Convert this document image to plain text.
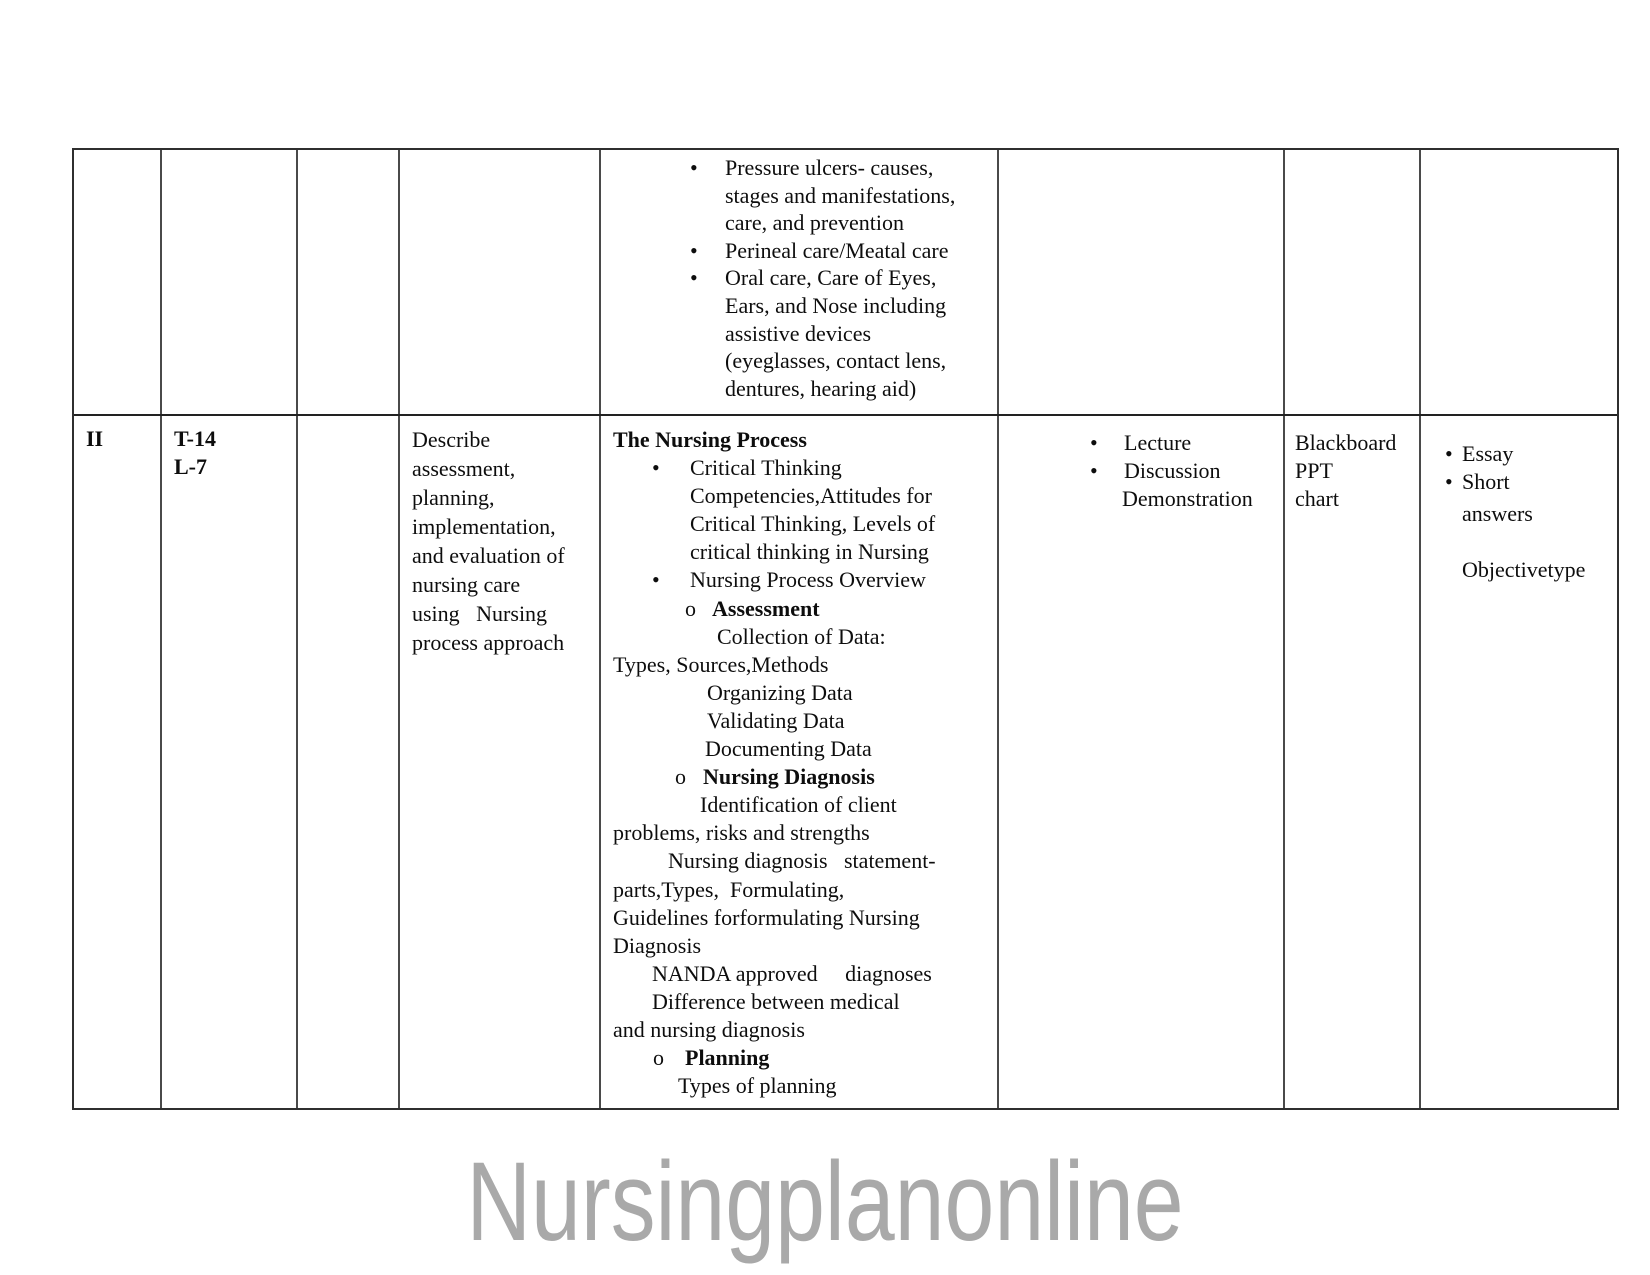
• Pressure ulcers- causes,
stages and manifestations,
care, and prevention
• Perineal care/Meatal care
• Oral care, Care of Eyes,
Ears, and Nose including
assistive devices
(eyeglasses, contact lens,
dentures, hearing aid)
II	T-14
L-7
Describe
assessment,
planning,
implementation,
and evaluation of
nursing care
using   Nursing
process approach
The Nursing Process
• Critical Thinking
Competencies,Attitudes for
Critical Thinking, Levels of
critical thinking in Nursing
• Nursing Process Overview
o Assessment
Collection of Data:
Types, Sources,Methods
Organizing Data
Validating Data
Documenting Data
o Nursing Diagnosis
Identification of client
problems, risks and strengths
Nursing diagnosis   statement-
parts,Types,  Formulating,
Guidelines forformulating Nursing
Diagnosis
NANDA approved     diagnoses
Difference between medical
and nursing diagnosis
o Planning
Types of planning
• Lecture
• Discussion
Demonstration
Blackboard
PPT
chart
• Essay
• Short
answers
Objectivetype
Nursingplanonline
